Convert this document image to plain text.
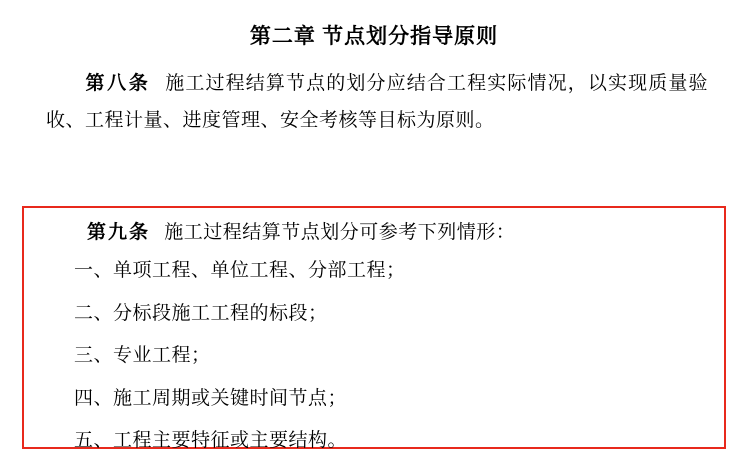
第二章 节点划分指导原则

第八条 施工过程结算节点的划分应结合工程实际情况，以实现质量验收、工程计量、进度管理、安全考核等目标为原则。

第九条 施工过程结算节点划分可参考下列情形：

一、单项工程、单位工程、分部工程；

二、分标段施工工程的标段；

三、专业工程；

四、施工周期或关键时间节点；

五、工程主要特征或主要结构。
